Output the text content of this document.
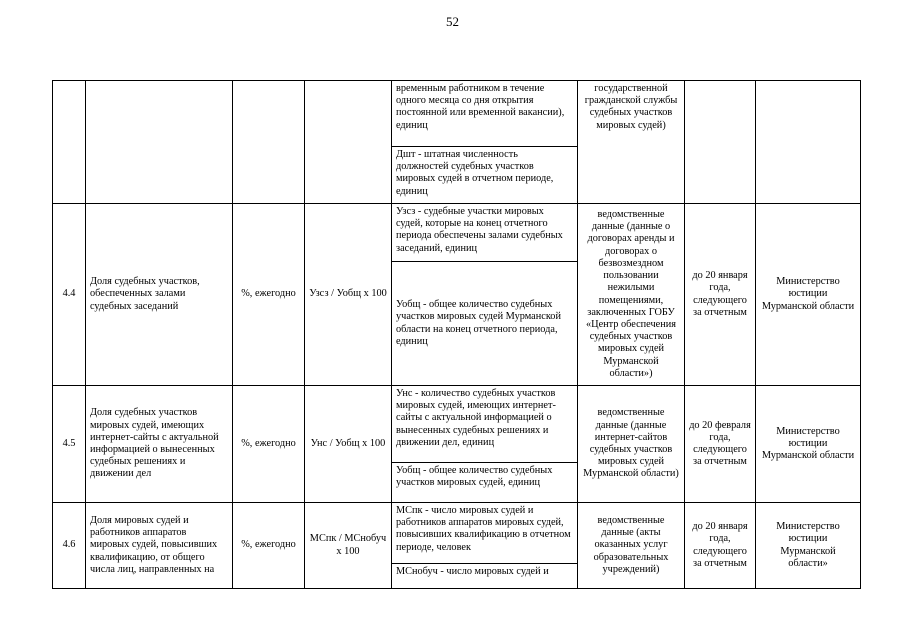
52
				временным работником в течение одного месяца со дня открытия постоянной или временной вакансии), единиц	государственной гражданской службы судебных участков мировых судей)		
				Дшт - штатная численность должностей судебных участков мировых судей в отчетном периоде, единиц			
4.4	Доля судебных участков, обеспеченных залами судебных заседаний	%, ежегодно	Узсз / Уобщ х 100	Узсз - судебные участки мировых судей, которые на конец отчетного периода обеспечены залами судебных заседаний, единиц	ведомственные данные (данные о договорах аренды и договорах о безвозмездном пользовании нежилыми помещениями, заключенных ГОБУ «Центр обеспечения судебных участков мировых судей Мурманской области»)	до 20 января года, следующего за отчетным	Министерство юстиции Мурманской области
				Уобщ - общее количество судебных участков мировых судей Мурманской области на конец отчетного периода, единиц			
4.5	Доля судебных участков мировых судей, имеющих интернет-сайты с актуальной информацией о вынесенных судебных решениях и движении дел	%, ежегодно	Унс / Уобщ х 100	Унс - количество судебных участков мировых судей, имеющих интернет-сайты с актуальной информацией о вынесенных судебных решениях и движении дел, единиц	ведомственные данные (данные интернет-сайтов судебных участков мировых судей Мурманской области)	до 20 февраля года, следующего за отчетным	Министерство юстиции Мурманской области
				Уобщ - общее количество судебных участков мировых судей, единиц			
4.6	Доля мировых судей и работников аппаратов мировых судей, повысивших квалификацию, от общего числа лиц, направленных на	%, ежегодно	МСпк / МСнобуч х 100	МСпк - число мировых судей и работников аппаратов мировых судей, повысивших квалификацию в отчетном периоде, человек	ведомственные данные (акты оказанных услуг образовательных учреждений)	до 20 января года, следующего за отчетным	Министерство юстиции Мурманской области»
				МСнобуч - число мировых судей и			
